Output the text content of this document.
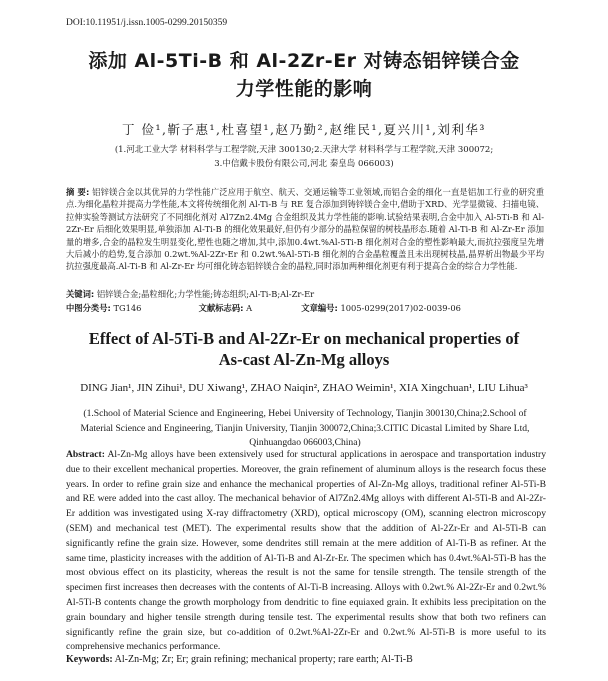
DOI:10.11951/j.issn.1005-0299.20150359
添加 Al-5Ti-B 和 Al-2Zr-Er 对铸态铝锌镁合金
力学性能的影响
丁 俭¹,靳子惠¹,杜喜望¹,赵乃勤²,赵维民¹,夏兴川¹,刘利华³
(1.河北工业大学 材料科学与工程学院,天津 300130;2.天津大学 材料科学与工程学院,天津 300072;
3.中信戴卡股份有限公司,河北 秦皇岛 066003)
摘 要: 铝锌镁合金以其优异的力学性能广泛应用于航空、航天、交通运输等工业领域,而铝合金的细化一直是铝加工行业的研究重点.为细化晶粒并提高力学性能,本文将传统细化剂 Al-Ti-B 与 RE 复合添加到铸锌镁合金中,借助于XRD、光学显微镜、扫描电镜、拉伸实验等测试方法研究了不同细化剂对 Al7Zn2.4Mg 合金组织及其力学性能的影响.试验结果表明,合金中加入 Al-5Ti-B 和 Al-2Zr-Er 后细化效果明显,单独添加 Al-Ti-B 的细化效果最好,但仍有少部分的晶粒保留的树枝晶形态.随着 Al-Ti-B 和 Al-Zr-Er 添加量的增多,合金的晶粒发生明显变化,塑性也随之增加,其中,添加0.4wt.%Al-5Ti-B 细化剂对合金的塑性影响最大,而抗拉强度呈先增大后减小的趋势,复合添加 0.2wt.%Al-2Zr-Er 和 0.2wt.%Al-5Ti-B 细化剂的合金晶粒覆盖且未出现树枝晶,晶界析出物最少平均抗拉强度最高.Al-Ti-B 和 Al-Zr-Er 均可细化铸态铝锌镁合金的晶粒,同时添加两种细化剂更有利于提高合金的综合力学性能.
关键词: 铝锌镁合金;晶粒细化;力学性能;铸态组织;Al-Ti-B;Al-Zr-Er
中图分类号: TG146	文献标志码: A	文章编号: 1005-0299(2017)02-0039-06
Effect of Al-5Ti-B and Al-2Zr-Er on mechanical properties of
As-cast Al-Zn-Mg alloys
DING Jian¹, JIN Zihui¹, DU Xiwang¹, ZHAO Naiqin², ZHAO Weimin¹, XIA Xingchuan¹, LIU Lihua³
(1.School of Material Science and Engineering, Hebei University of Technology, Tianjin 300130,China;2.School of Material Science and Engineering, Tianjin University, Tianjin 300072,China;3.CITIC Dicastal Limited by Share Ltd, Qinhuangdao 066003,China)
Abstract: Al-Zn-Mg alloys have been extensively used for structural applications in aerospace and transportation industry due to their excellent mechanical properties. Moreover, the grain refinement of aluminum alloys is the research focus these years. In order to refine grain size and enhance the mechanical properties of Al-Zn-Mg alloys, traditional refiner Al-5Ti-B and RE were added into the cast alloy. The mechanical behavior of Al7Zn2.4Mg alloys with different Al-5Ti-B and Al-2Zr-Er addition was investigated using X-ray diffractometry (XRD), optical microscopy (OM), scanning electron microscopy (SEM) and mechanical test (MET). The experimental results show that the addition of Al-2Zr-Er and Al-5Ti-B can significantly refine the grain size. However, some dendrites still remain at the mere addition of Al-Ti-B as refiner. At the same time, plasticity increases with the addition of Al-Ti-B and Al-Zr-Er. The specimen which has 0.4wt.%Al-5Ti-B has the most obvious effect on its plasticity, whereas the result is not the same for tensile strength. The tensile strength of the specimen first increases then decreases with the contents of Al-Ti-B increasing. Alloys with 0.2wt.% Al-2Zr-Er and 0.2wt.% Al-5Ti-B contents change the growth morphology from dendritic to fine equiaxed grain. It exhibits less precipitation on the grain boundary and higher tensile strength during tensile test. The experimental results show that both two refiners can significantly refine the grain size, but co-addition of 0.2wt.%Al-2Zr-Er and 0.2wt.% Al-5Ti-B is more useful to its comprehensive mechanics performance.
Keywords: Al-Zn-Mg; Zr; Er; grain refining; mechanical property; rare earth; Al-Ti-B
